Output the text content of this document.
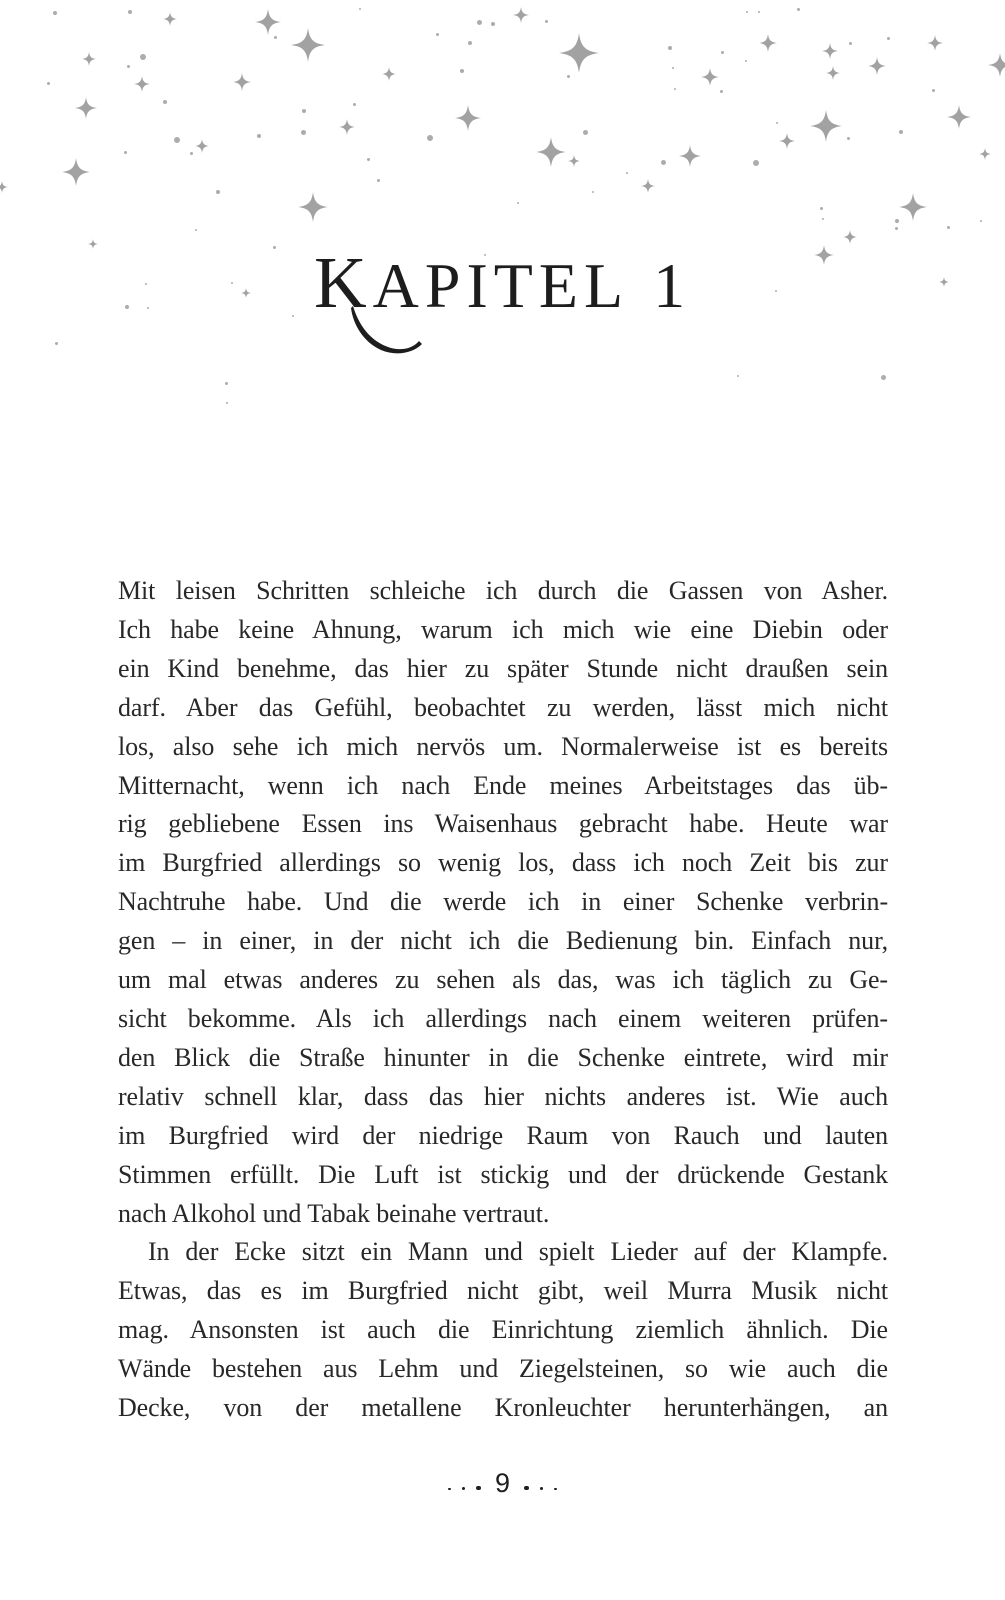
KAPITEL 1
Mit leisen Schritten schleiche ich durch die Gassen von Asher.
Ich habe keine Ahnung, warum ich mich wie eine Diebin oder
ein Kind benehme, das hier zu später Stunde nicht draußen sein
darf. Aber das Gefühl, beobachtet zu werden, lässt mich nicht
los, also sehe ich mich nervös um. Normalerweise ist es bereits
Mitternacht, wenn ich nach Ende meines Arbeitstages das üb-
rig gebliebene Essen ins Waisenhaus gebracht habe. Heute war
im Burgfried allerdings so wenig los, dass ich noch Zeit bis zur
Nachtruhe habe. Und die werde ich in einer Schenke verbrin-
gen – in einer, in der nicht ich die Bedienung bin. Einfach nur,
um mal etwas anderes zu sehen als das, was ich täglich zu Ge-
sicht bekomme. Als ich allerdings nach einem weiteren prüfen-
den Blick die Straße hinunter in die Schenke eintrete, wird mir
relativ schnell klar, dass das hier nichts anderes ist. Wie auch
im Burgfried wird der niedrige Raum von Rauch und lauten
Stimmen erfüllt. Die Luft ist stickig und der drückende Gestank
nach Alkohol und Tabak beinahe vertraut.
In der Ecke sitzt ein Mann und spielt Lieder auf der Klampfe.
Etwas, das es im Burgfried nicht gibt, weil Murra Musik nicht
mag. Ansonsten ist auch die Einrichtung ziemlich ähnlich. Die
Wände bestehen aus Lehm und Ziegelsteinen, so wie auch die
Decke, von der metallene Kronleuchter herunterhängen, an
9
